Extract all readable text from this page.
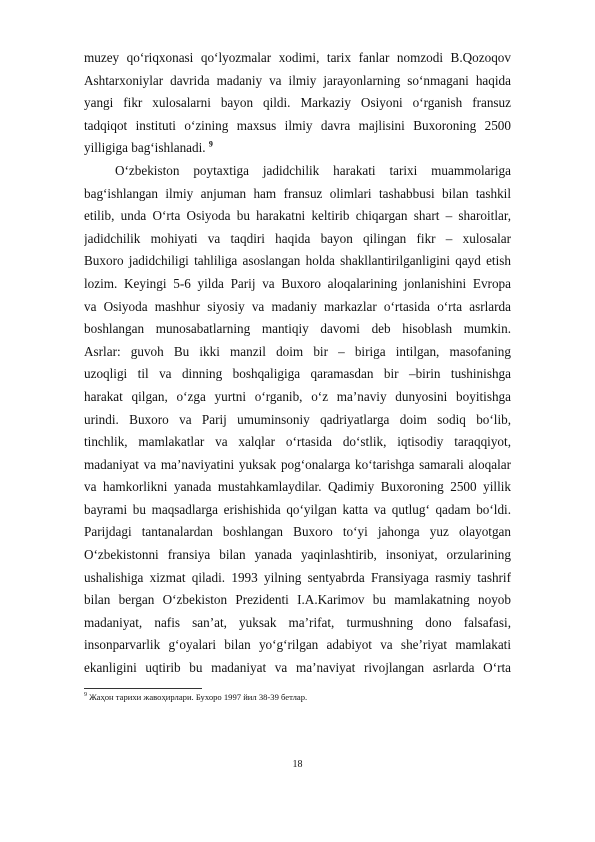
muzey qo‘riqxonasi qo‘lyozmalar xodimi, tarix fanlar nomzodi B.Qozoqov
Ashtarxoniylar davrida madaniy va ilmiy jarayonlarning so‘nmagani haqida
yangi fikr xulosalarni bayon qildi. Markaziy Osiyoni o‘rganish fransuz
tadqiqot instituti o‘zining maxsus ilmiy davra majlisini Buxoroning 2500
yilligiga bag‘ishlanadi. $^9$
O‘zbekiston poytaxtiga jadidchilik harakati tarixi muammolariga
bag‘ishlangan ilmiy anjuman ham fransuz olimlari tashabbusi bilan tashkil
etilib, unda O‘rta Osiyoda bu harakatni keltirib chiqargan shart – sharoitlar,
jadidchilik mohiyati va taqdiri haqida bayon qilingan fikr – xulosalar
Buxoro jadidchiligi tahliliga asoslangan holda shakllantirilganligini qayd etish
lozim. Keyingi 5-6 yilda Parij va Buxoro aloqalarining jonlanishini Evropa
va Osiyoda mashhur siyosiy va madaniy markazlar o‘rtasida o‘rta asrlarda
boshlangan munosabatlarning mantiqiy davomi deb hisoblash mumkin.
Asrlar: guvoh Bu ikki manzil doim bir – biriga intilgan, masofaning
uzoqligi til va dinning boshqaligiga qaramasdan bir –birin tushinishga
harakat qilgan, o‘zga yurtni o‘rganib, o‘z ma’naviy dunyosini boyitishga
urindi. Buxoro va Parij umuminsoniy qadriyatlarga doim sodiq bo‘lib,
tinchlik, mamlakatlar va xalqlar o‘rtasida do‘stlik, iqtisodiy taraqqiyot,
madaniyat va ma’naviyatini yuksak pog‘onalarga ko‘tarishga samarali aloqalar
va hamkorlikni yanada mustahkamlaydilar. Qadimiy Buxoroning 2500 yillik
bayrami bu maqsadlarga erishishida qo‘yilgan katta va qutlug‘ qadam bo‘ldi.
Parijdagi tantanalardan boshlangan Buxoro to‘yi jahonga yuz olayotgan
O‘zbekistonni fransiya bilan yanada yaqinlashtirib, insoniyat, orzularining
ushalishiga xizmat qiladi. 1993 yilning sentyabrda Fransiyaga rasmiy tashrif
bilan bergan O‘zbekiston Prezidenti I.A.Karimov bu mamlakatning noyob
madaniyat, nafis san’at, yuksak ma’rifat, turmushning dono falsafasi,
insonparvarlik g‘oyalari bilan yo‘g‘rilgan adabiyot va she’riyat mamlakati
ekanligini uqtirib bu madaniyat va ma’naviyat rivojlangan asrlarda O‘rta
$^9$ Жаҳон тарихи жавоҳирлари. Бухоро 1997 йил 38-39 бетлар.
18
